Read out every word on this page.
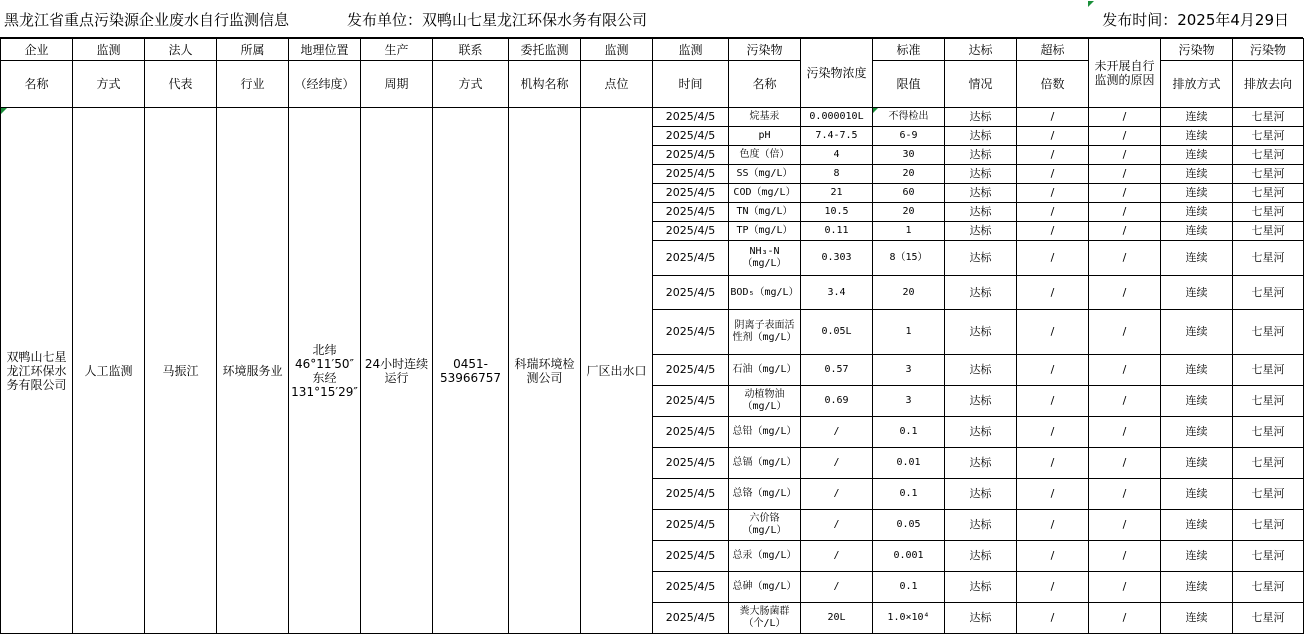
黑龙江省重点污染源企业废水自行监测信息	发布单位：双鸭山七星龙江环保水务有限公司	发布时间：2025年4月29日
企业	监测	法人	所属	地理位置	生产	联系	委托监测	监测	监测	污染物	污染物浓度	标准	达标	超标	未开展自行监测的原因	污染物	污染物
名称	方式	代表	行业	（经纬度）	周期	方式	机构名称	点位	时间	名称		限值	情况	倍数		排放方式	排放去向
双鸭山七星龙江环保水务有限公司	人工监测	马振江	环境服务业	北纬46°11′50″东经131°15′29″	24小时连续运行	0451-53966757	科瑞环境检测公司	厂区出水口	2025/4/5	烷基汞	0.000010L	不得检出	达标	/	/	连续	七星河
									2025/4/5	pH	7.4-7.5	6-9	达标	/	/	连续	七星河
									2025/4/5	色度（倍）	4	30	达标	/	/	连续	七星河
									2025/4/5	SS（mg/L）	8	20	达标	/	/	连续	七星河
									2025/4/5	COD（mg/L）	21	60	达标	/	/	连续	七星河
									2025/4/5	TN（mg/L）	10.5	20	达标	/	/	连续	七星河
									2025/4/5	TP（mg/L）	0.11	1	达标	/	/	连续	七星河
									2025/4/5	NH₃-N（mg/L）	0.303	8（15）	达标	/	/	连续	七星河
									2025/4/5	BOD₅（mg/L）	3.4	20	达标	/	/	连续	七星河
									2025/4/5	阴离子表面活性剂（mg/L）	0.05L	1	达标	/	/	连续	七星河
									2025/4/5	石油（mg/L）	0.57	3	达标	/	/	连续	七星河
									2025/4/5	动植物油（mg/L）	0.69	3	达标	/	/	连续	七星河
									2025/4/5	总铅（mg/L）	/	0.1	达标	/	/	连续	七星河
									2025/4/5	总镉（mg/L）	/	0.01	达标	/	/	连续	七星河
									2025/4/5	总铬（mg/L）	/	0.1	达标	/	/	连续	七星河
									2025/4/5	六价铬（mg/L）	/	0.05	达标	/	/	连续	七星河
									2025/4/5	总汞（mg/L）	/	0.001	达标	/	/	连续	七星河
									2025/4/5	总砷（mg/L）	/	0.1	达标	/	/	连续	七星河
									2025/4/5	粪大肠菌群（个/L）	20L	1.0×10⁴	达标	/	/	连续	七星河
